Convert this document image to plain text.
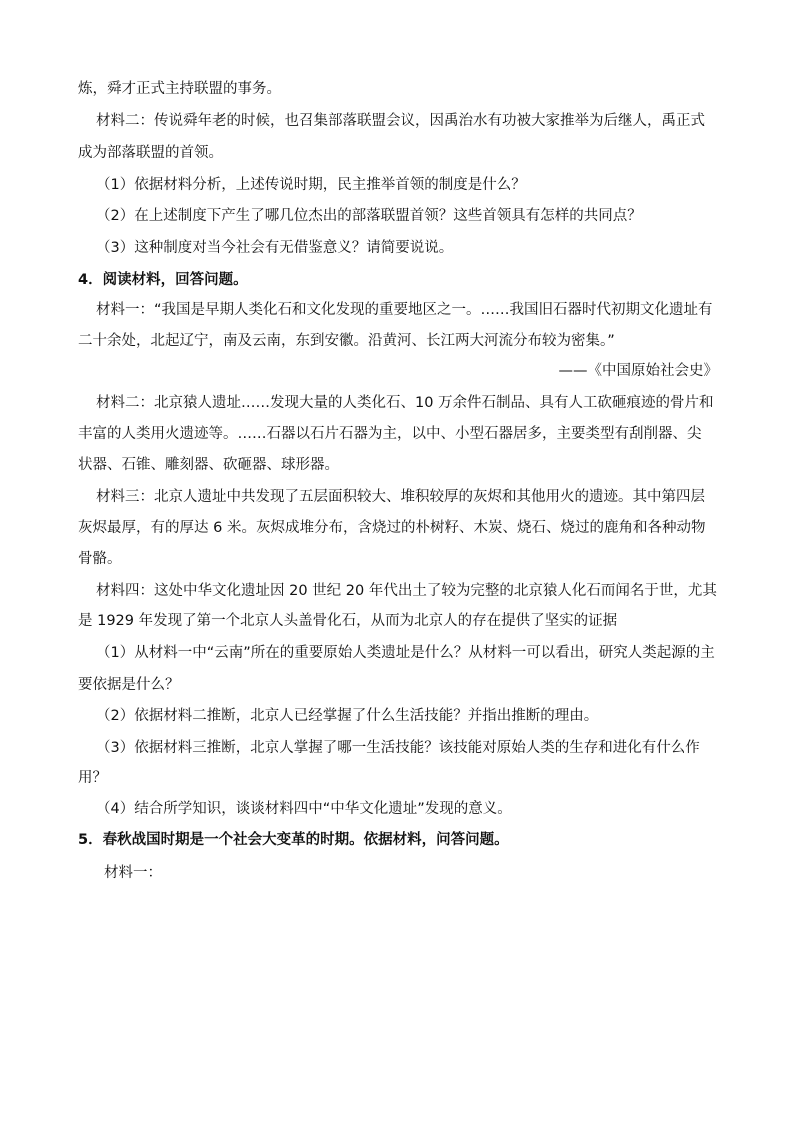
炼，舜才正式主持联盟的事务。
材料二：传说舜年老的时候，也召集部落联盟会议，因禹治水有功被大家推举为后继人，禹正式
成为部落联盟的首领。
（1）依据材料分析，上述传说时期，民主推举首领的制度是什么？
（2）在上述制度下产生了哪几位杰出的部落联盟首领？这些首领具有怎样的共同点？
（3）这种制度对当今社会有无借鉴意义？请简要说说。
4．阅读材料，回答问题。
材料一：“我国是早期人类化石和文化发现的重要地区之一。……我国旧石器时代初期文化遗址有
二十余处，北起辽宁，南及云南，东到安徽。沿黄河、长江两大河流分布较为密集。”
——《中国原始社会史》
材料二：北京猿人遗址……发现大量的人类化石、10 万余件石制品、具有人工砍砸痕迹的骨片和
丰富的人类用火遗迹等。……石器以石片石器为主，以中、小型石器居多，主要类型有刮削器、尖
状器、石锥、雕刻器、砍砸器、球形器。
材料三：北京人遗址中共发现了五层面积较大、堆积较厚的灰烬和其他用火的遗迹。其中第四层
灰烬最厚，有的厚达 6 米。灰烬成堆分布，含烧过的朴树籽、木炭、烧石、烧过的鹿角和各种动物
骨骼。
材料四：这处中华文化遗址因 20 世纪 20 年代出土了较为完整的北京猿人化石而闻名于世，尤其
是 1929 年发现了第一个北京人头盖骨化石，从而为北京人的存在提供了坚实的证据
（1）从材料一中“云南”所在的重要原始人类遗址是什么？从材料一可以看出，研究人类起源的主
要依据是什么？
（2）依据材料二推断，北京人已经掌握了什么生活技能？并指出推断的理由。
（3）依据材料三推断，北京人掌握了哪一生活技能？该技能对原始人类的生存和进化有什么作
用？
（4）结合所学知识，谈谈材料四中“中华文化遗址”发现的意义。
5．春秋战国时期是一个社会大变革的时期。依据材料，问答问题。
材料一：
